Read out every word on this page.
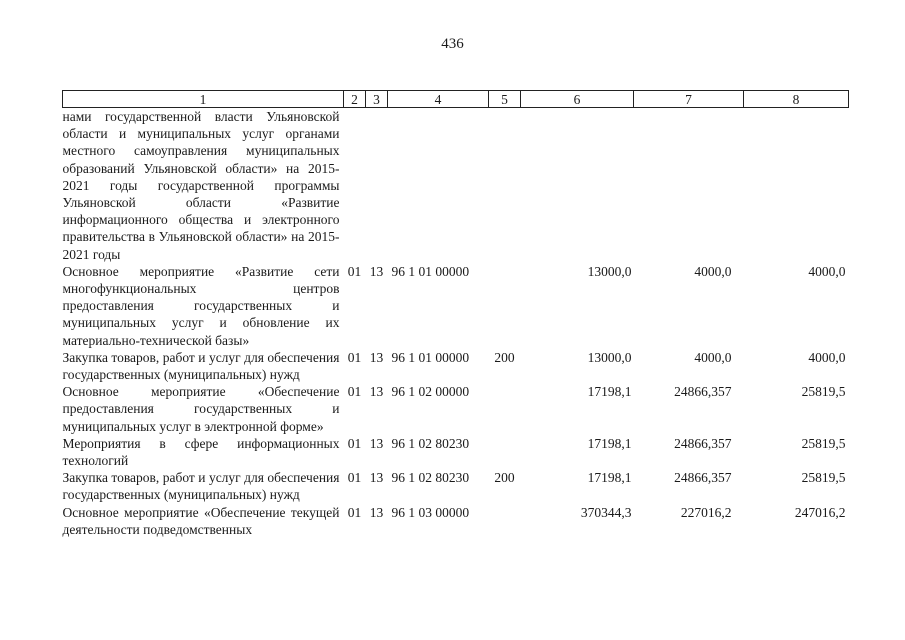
436
1	2	3	4	5	6	7	8
нами государственной власти Ульяновской области и муниципальных услуг органами местного самоуправления муниципальных образований Ульяновской области» на 2015-2021 годы государственной программы Ульяновской области «Развитие информационного общества и электронного правительства в Ульяновской области» на 2015-2021 годы							
Основное мероприятие «Развитие сети многофункциональных центров предоставления государственных и муниципальных услуг и обновление их материально-технической базы»	01	13	96 1 01 00000		13000,0	4000,0	4000,0
Закупка товаров, работ и услуг для обеспечения государственных (муниципальных) нужд	01	13	96 1 01 00000	200	13000,0	4000,0	4000,0
Основное мероприятие «Обеспечение предоставления государственных и муниципальных услуг в электронной форме»	01	13	96 1 02 00000		17198,1	24866,357	25819,5
Мероприятия в сфере информационных технологий	01	13	96 1 02 80230		17198,1	24866,357	25819,5
Закупка товаров, работ и услуг для обеспечения государственных (муниципальных) нужд	01	13	96 1 02 80230	200	17198,1	24866,357	25819,5
Основное мероприятие «Обеспечение текущей деятельности подведомственных	01	13	96 1 03 00000		370344,3	227016,2	247016,2
